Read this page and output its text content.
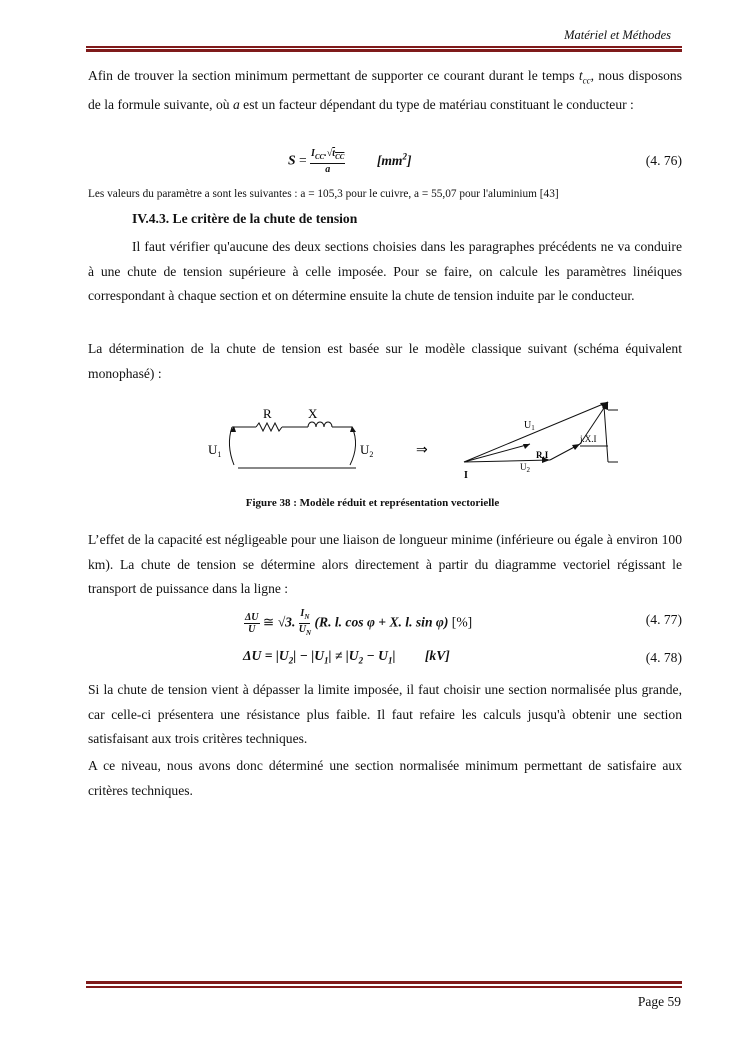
Matériel et Méthodes

Afin de trouver la section minimum permettant de supporter ce courant durant le temps $t_{cc}$, nous disposons de la formule suivante, où a est un facteur dépendant du type de matériau constituant le conducteur :

$S = \frac{I_{CC}.√t_{CC}}{a} [mm^2]$	(4. 76)
Les valeurs du paramètre a sont les suivantes : a = 105,3 pour le cuivre, a = 55,07 pour l'aluminium [43]
IV.4.3. Le critère de la chute de tension

Il faut vérifier qu'aucune des deux sections choisies dans les paragraphes précédents ne va conduire à une chute de tension supérieure à celle imposée. Pour se faire, on calcule les paramètres linéiques correspondant à chaque section et on détermine ensuite la chute de tension induite par le conducteur.

La détermination de la chute de tension est basée sur le modèle classique suivant (schéma équivalent monophasé) :

R	X
$U_1$	$U_2$	⇒
$U_1$
j.X.I
R.I
$U_2$
I
Figure 38 : Modèle réduit et représentation vectorielle

L’effet de la capacité est négligeable pour une liaison de longueur minime (inférieure ou égale à environ 100 km). La chute de tension se détermine alors directement à partir du diagramme vectoriel régissant le transport de puissance dans la ligne :

$\frac{\Delta U}{U}$ ≅ √3. $\frac{I_N}{U_N} (R$. l. cos φ + X. l. sin φ) [%]	(4. 77)
$\Delta U = |U_2| - |U_1| \ne |U_2 - U_1|$ [kV]	(4. 78)

Si la chute de tension vient à dépasser la limite imposée, il faut choisir une section normalisée plus grande, car celle-ci présentera une résistance plus faible. Il faut refaire les calculs jusqu'à obtenir une section satisfaisant aux trois critères techniques.

A ce niveau, nous avons donc déterminé une section normalisée minimum permettant de satisfaire aux critères techniques.

Page 59
